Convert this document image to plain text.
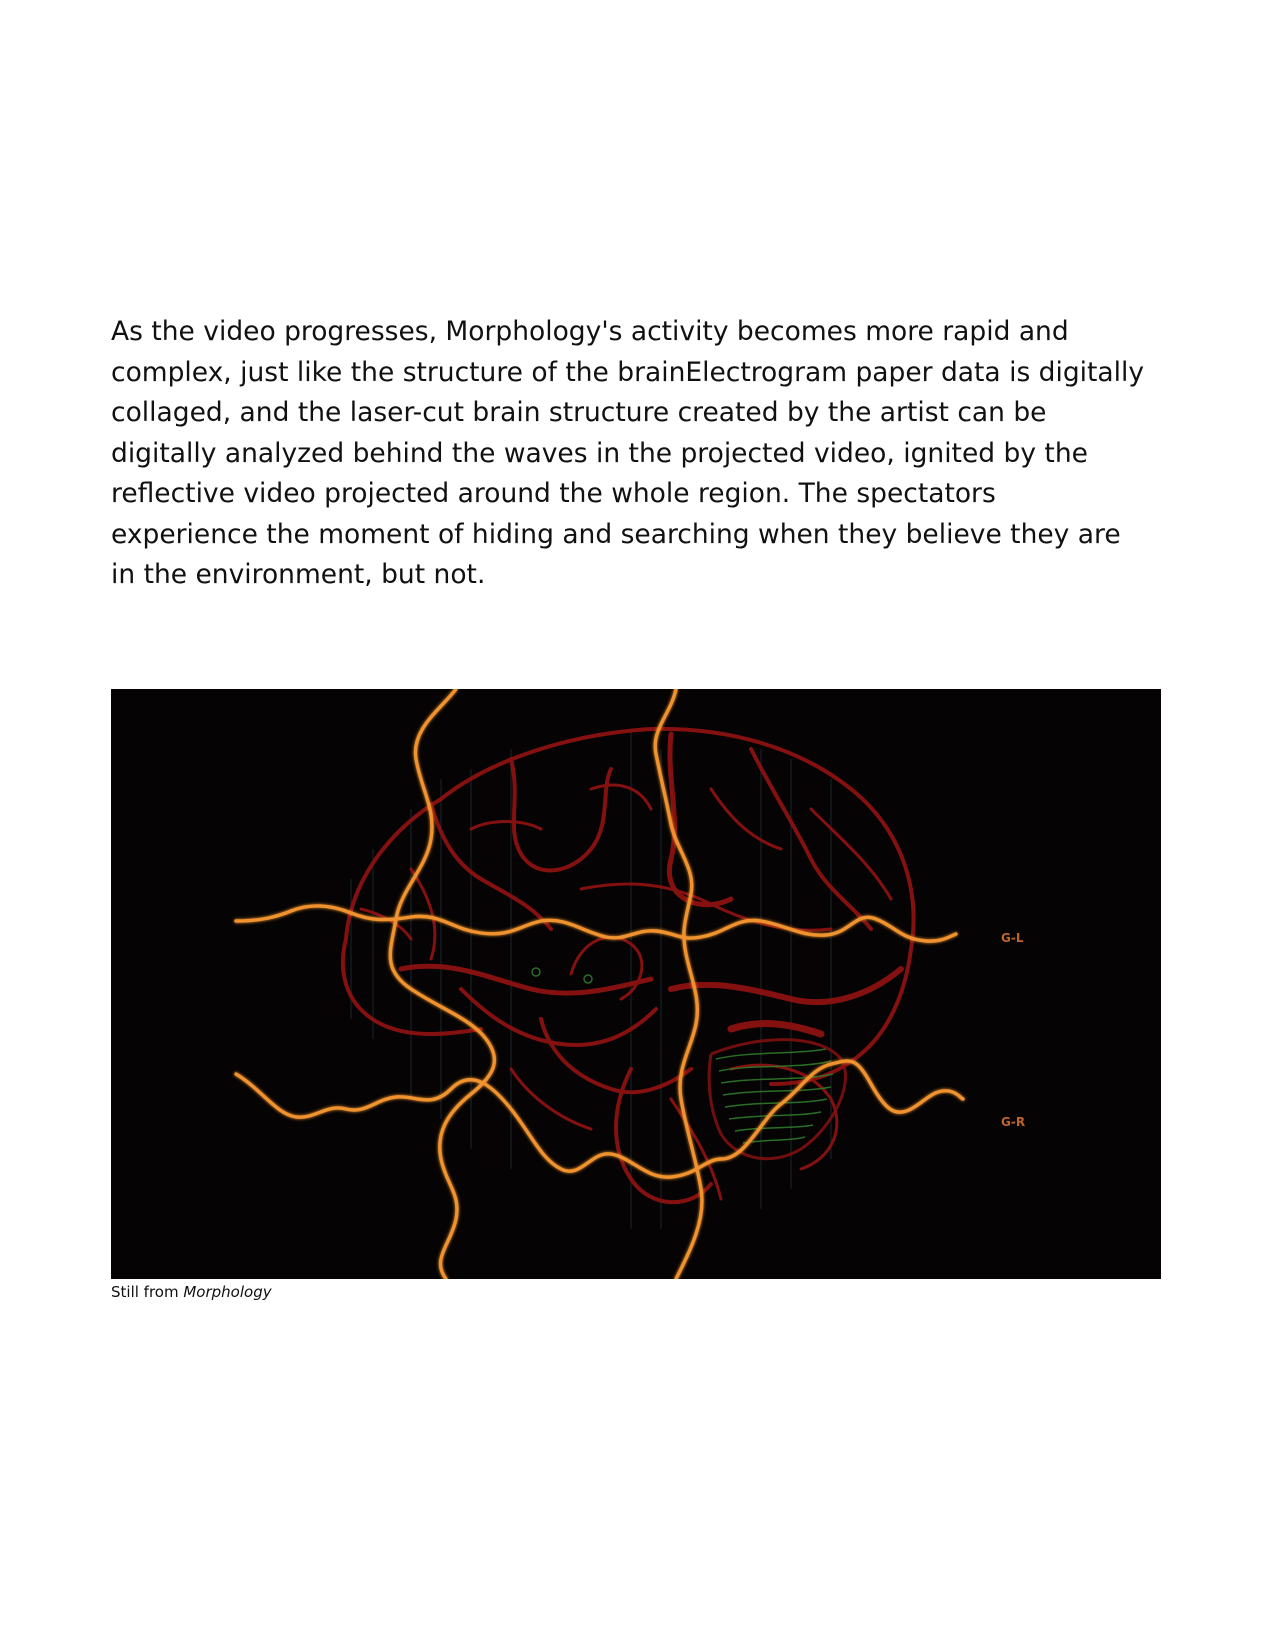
As the video progresses, Morphology's activity becomes more rapid and
complex, just like the structure of the brainElectrogram paper data is digitally
collaged, and the laser-cut brain structure created by the artist can be
digitally analyzed behind the waves in the projected video, ignited by the
reflective video projected around the whole region. The spectators
experience the moment of hiding and searching when they believe they are
in the environment, but not.
G-L
G-R
Still from Morphology
